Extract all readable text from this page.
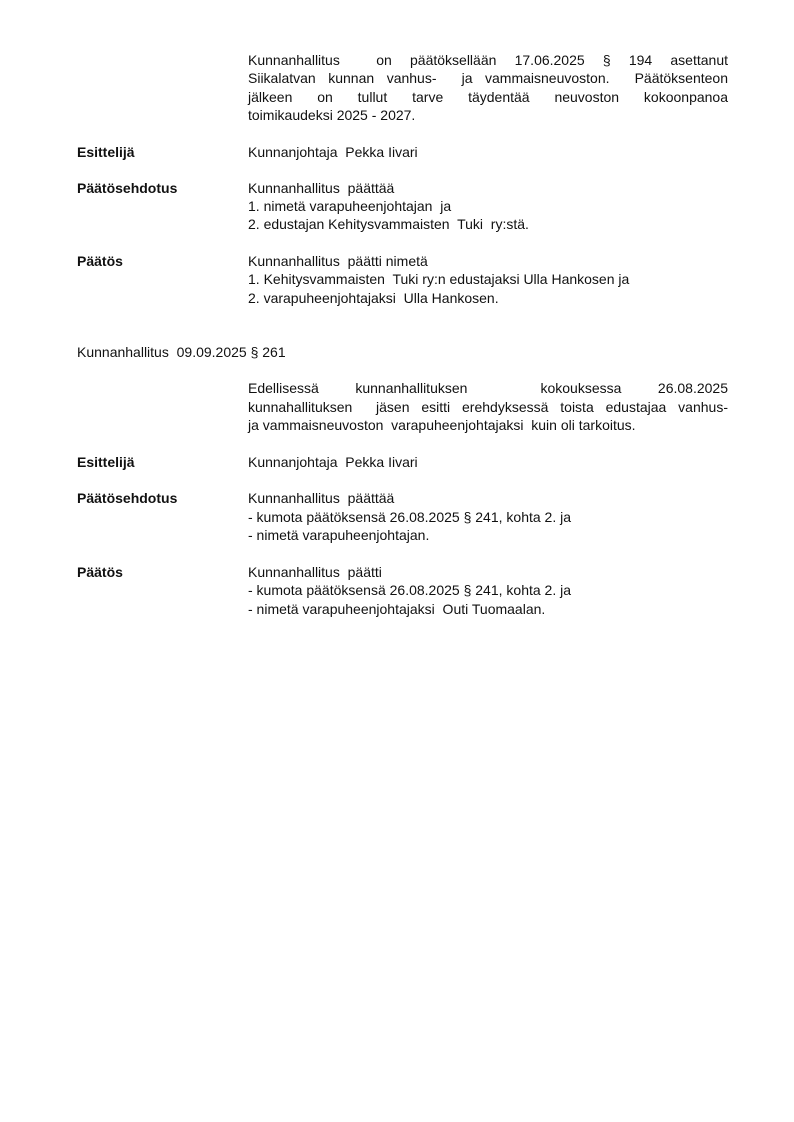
Kunnanhallitus  on päätöksellään 17.06.2025 § 194 asettanut
Siikalatvan kunnan vanhus-  ja vammaisneuvoston.  Päätöksenteon
jälkeen on tullut tarve täydentää neuvoston kokoonpanoa
toimikaudeksi 2025 - 2027.
Esittelijä	Kunnanjohtaja  Pekka Iivari
Päätösehdotus	Kunnanhallitus  päättää
1. nimetä varapuheenjohtajan  ja
2. edustajan Kehitysvammaisten  Tuki  ry:stä.
Päätös	Kunnanhallitus  päätti nimetä
1. Kehitysvammaisten  Tuki ry:n edustajaksi Ulla Hankosen ja
2. varapuheenjohtajaksi  Ulla Hankosen.
Kunnanhallitus  09.09.2025 § 261
Edellisessä kunnanhallituksen  kokouksessa 26.08.2025
kunnahallituksen  jäsen esitti erehdyksessä toista edustajaa vanhus-
ja vammaisneuvoston  varapuheenjohtajaksi  kuin oli tarkoitus.
Esittelijä	Kunnanjohtaja  Pekka Iivari
Päätösehdotus	Kunnanhallitus  päättää
- kumota päätöksensä 26.08.2025 § 241, kohta 2. ja
- nimetä varapuheenjohtajan.
Päätös	Kunnanhallitus  päätti
- kumota päätöksensä 26.08.2025 § 241, kohta 2. ja
- nimetä varapuheenjohtajaksi  Outi Tuomaalan.
